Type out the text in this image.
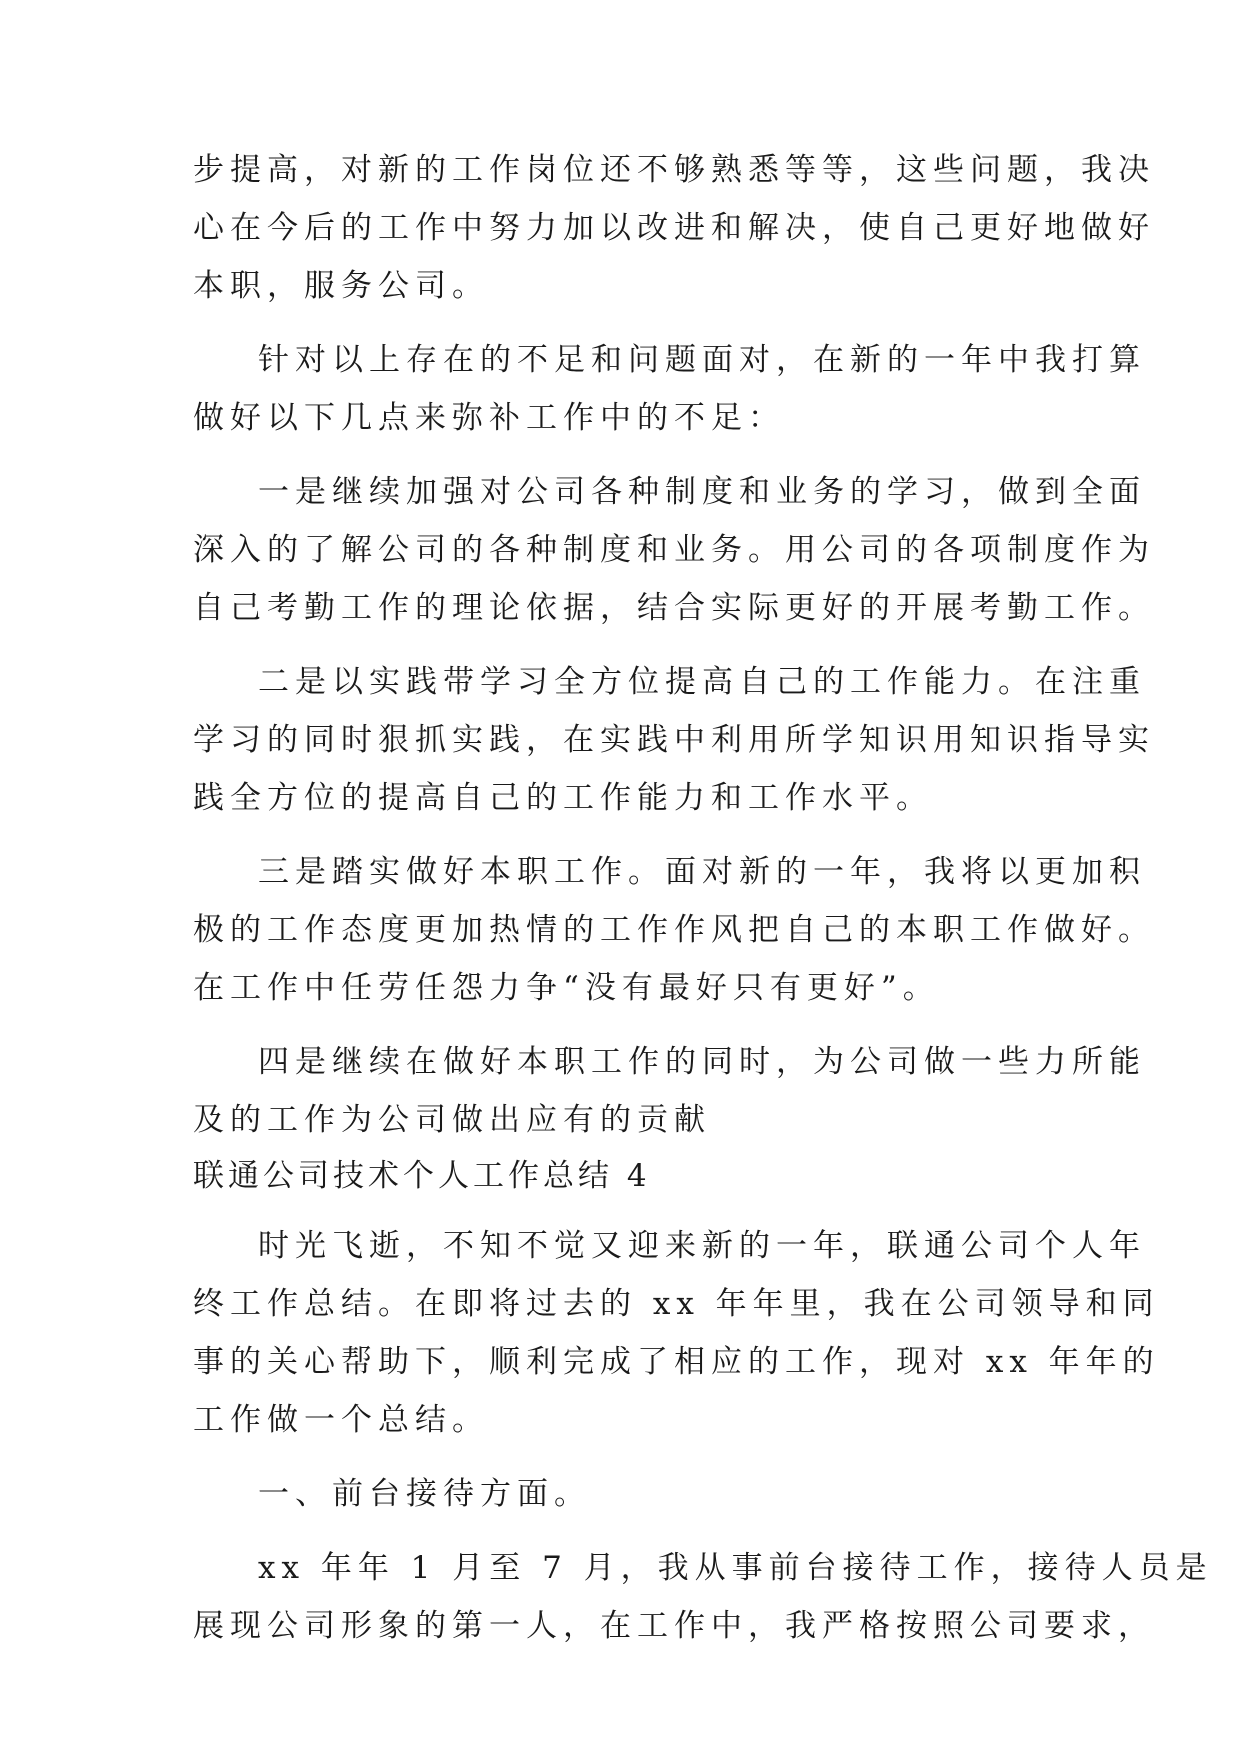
步提高，对新的工作岗位还不够熟悉等等，这些问题，我决
心在今后的工作中努力加以改进和解决，使自己更好地做好
本职，服务公司。
针对以上存在的不足和问题面对，在新的一年中我打算
做好以下几点来弥补工作中的不足：
一是继续加强对公司各种制度和业务的学习，做到全面
深入的了解公司的各种制度和业务。用公司的各项制度作为
自己考勤工作的理论依据，结合实际更好的开展考勤工作。
二是以实践带学习全方位提高自己的工作能力。在注重
学习的同时狠抓实践，在实践中利用所学知识用知识指导实
践全方位的提高自己的工作能力和工作水平。
三是踏实做好本职工作。面对新的一年，我将以更加积
极的工作态度更加热情的工作作风把自己的本职工作做好。
在工作中任劳任怨力争“没有最好只有更好”。
四是继续在做好本职工作的同时，为公司做一些力所能
及的工作为公司做出应有的贡献
联通公司技术个人工作总结 4
时光飞逝，不知不觉又迎来新的一年，联通公司个人年
终工作总结。在即将过去的 xx 年年里，我在公司领导和同
事的关心帮助下，顺利完成了相应的工作，现对 xx 年年的
工作做一个总结。
一、前台接待方面。
xx 年年 1 月至 7 月，我从事前台接待工作，接待人员是
展现公司形象的第一人，在工作中，我严格按照公司要求，
